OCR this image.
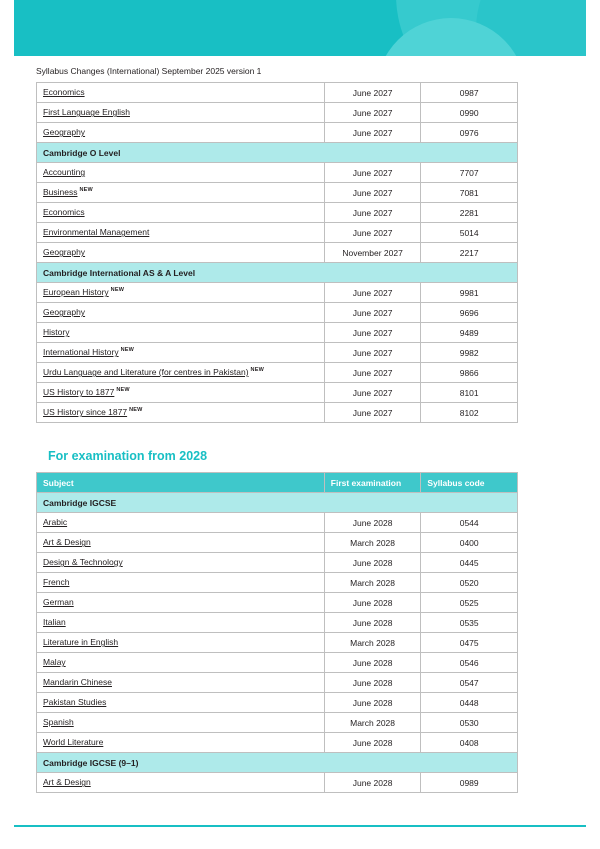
Syllabus Changes (International) September 2025 version 1
Economics	June 2027	0987
First Language English	June 2027	0990
Geography	June 2027	0976
Cambridge O Level		
Accounting	June 2027	7707
Business $^{NEW}$	June 2027	7081
Economics	June 2027	2281
Environmental Management	June 2027	5014
Geography	November 2027	2217
Cambridge International AS & A Level		
European History $^{NEW}$	June 2027	9981
Geography	June 2027	9696
History	June 2027	9489
International History $^{NEW}$	June 2027	9982
Urdu Language and Literature (for centres in Pakistan) $^{NEW}$	June 2027	9866
US History to 1877 $^{NEW}$	June 2027	8101
US History since 1877 $^{NEW}$	June 2027	8102
For examination from 2028
Subject	First examination	Syllabus code
Cambridge IGCSE		
Arabic	June 2028	0544
Art & Design	March 2028	0400
Design & Technology	June 2028	0445
French	March 2028	0520
German	June 2028	0525
Italian	June 2028	0535
Literature in English	March 2028	0475
Malay	June 2028	0546
Mandarin Chinese	June 2028	0547
Pakistan Studies	June 2028	0448
Spanish	March 2028	0530
World Literature	June 2028	0408
Cambridge IGCSE (9–1)		
Art & Design	June 2028	0989
